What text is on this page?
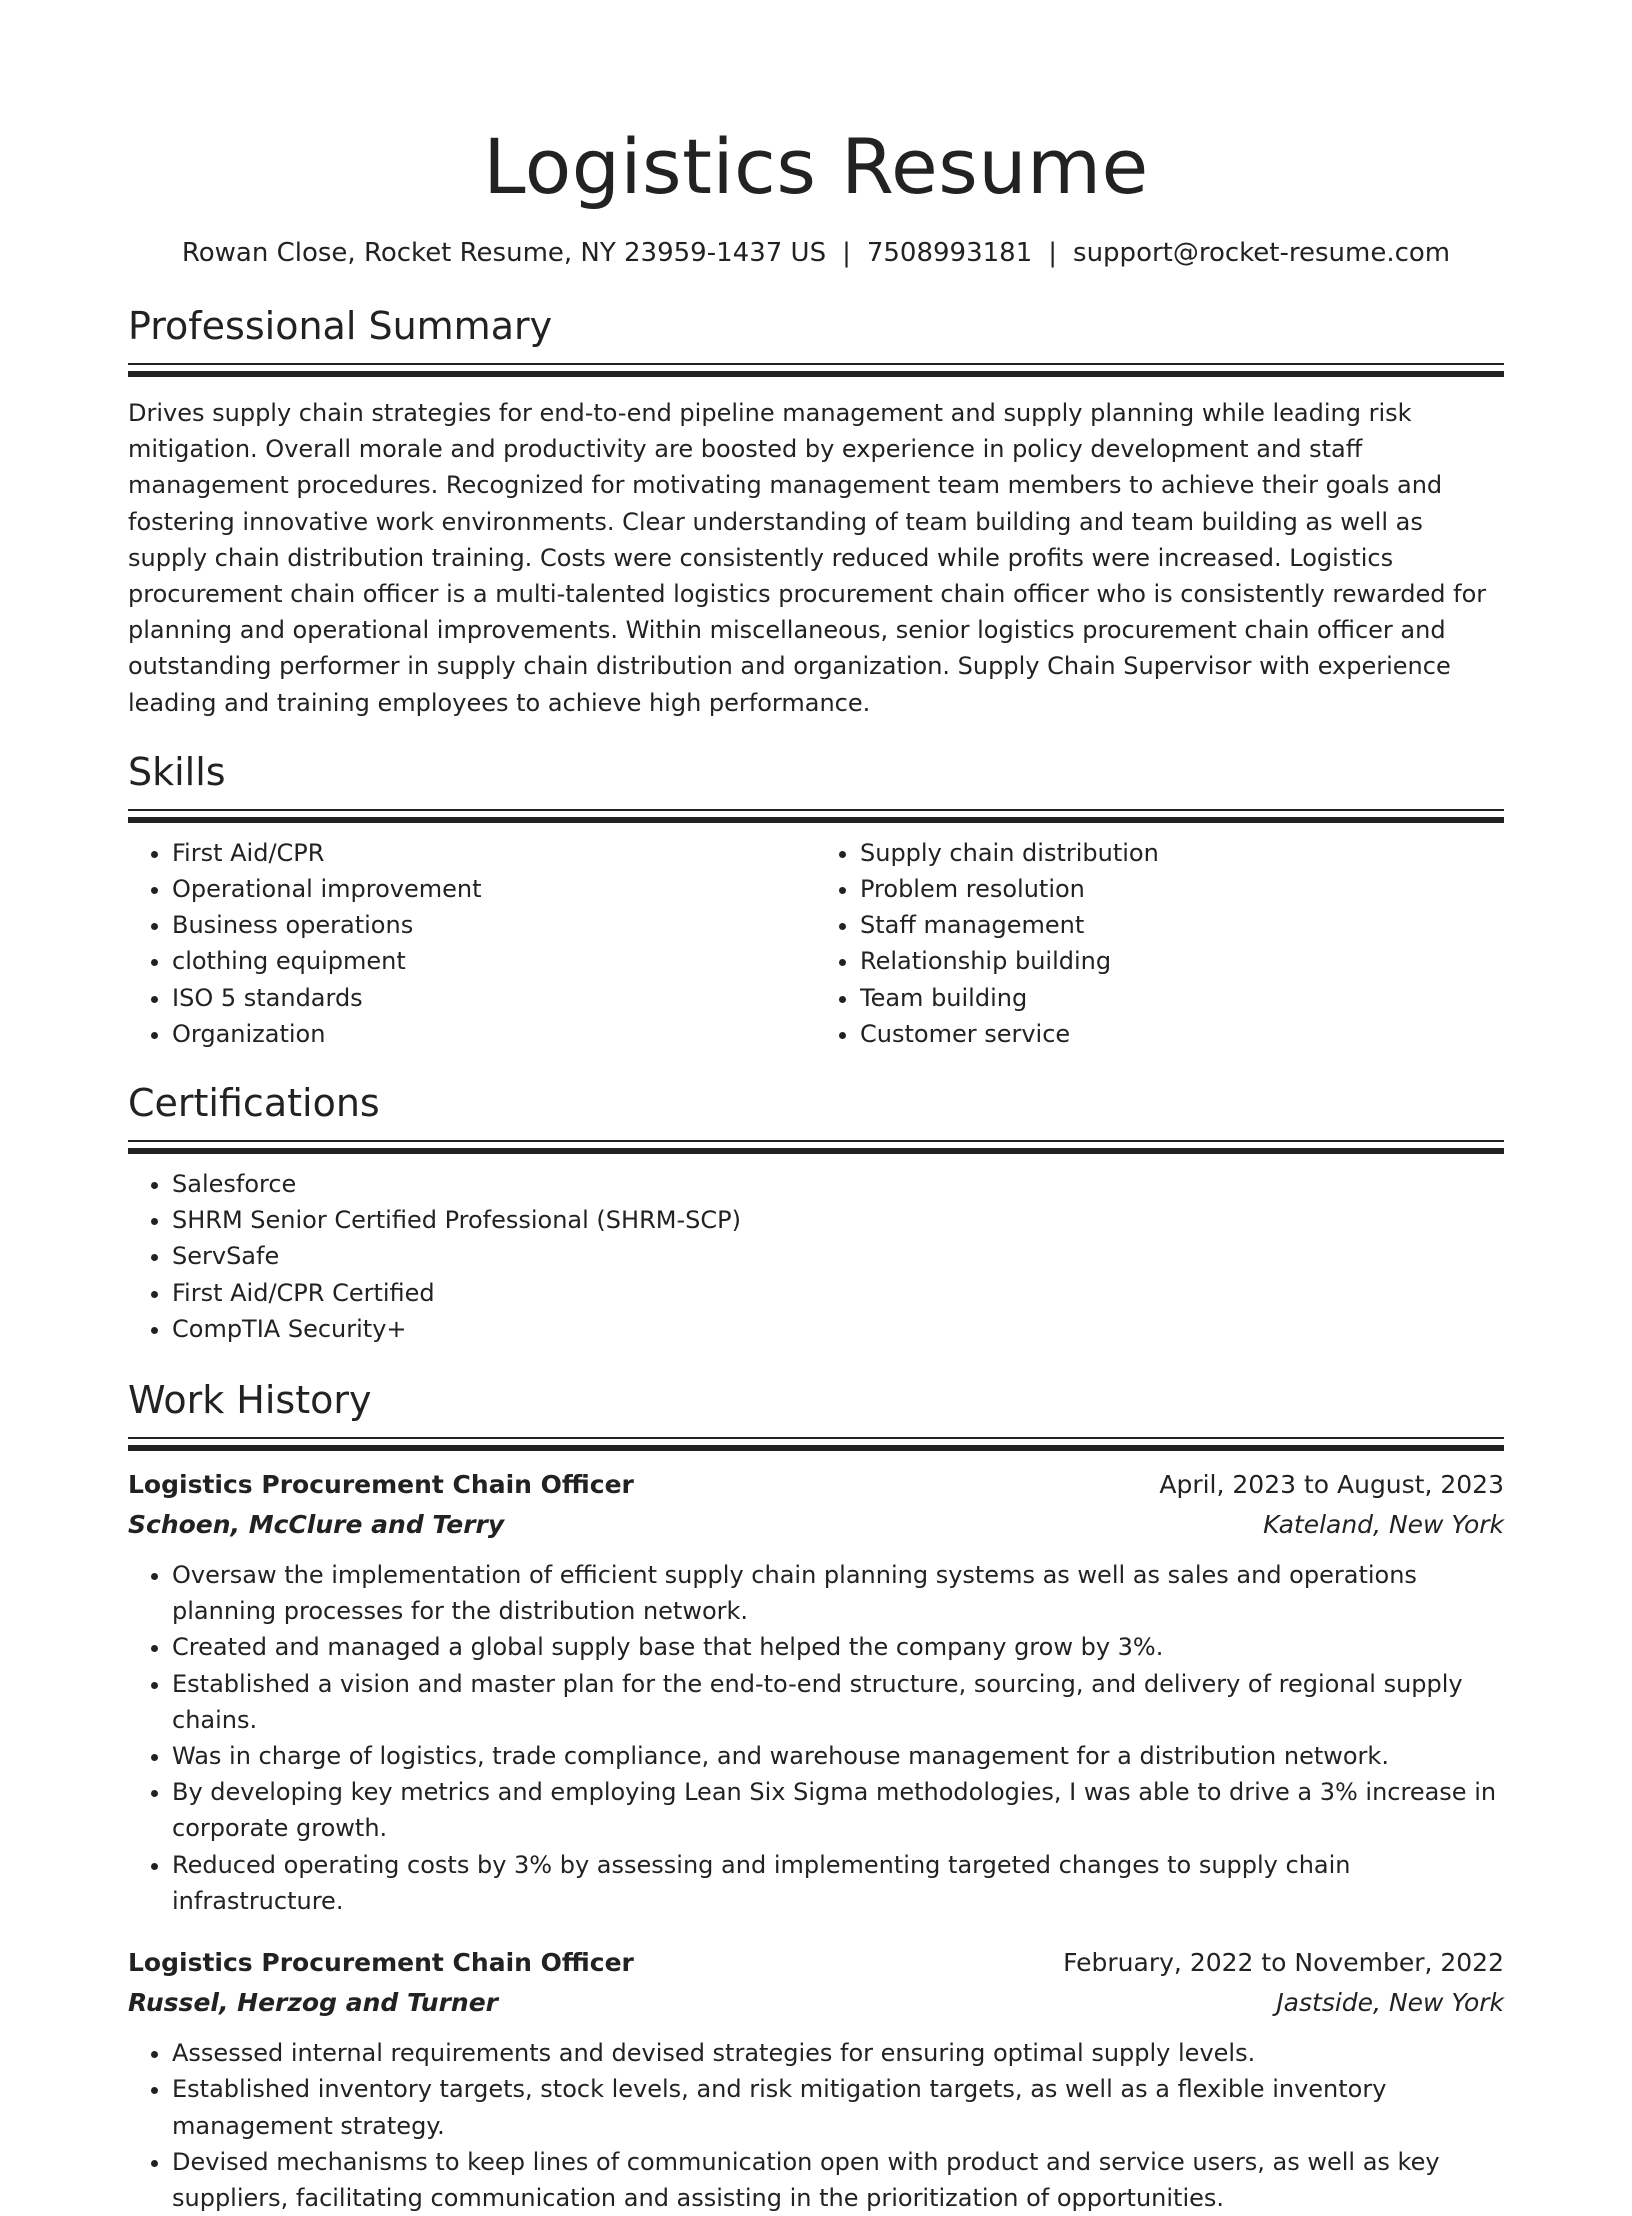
Logistics Resume
Rowan Close, Rocket Resume, NY 23959-1437 US | 7508993181 | support@rocket-resume.com
Professional Summary

Drives supply chain strategies for end-to-end pipeline management and supply planning while leading risk mitigation. Overall morale and productivity are boosted by experience in policy development and staff management procedures. Recognized for motivating management team members to achieve their goals and fostering innovative work environments. Clear understanding of team building and team building as well as supply chain distribution training. Costs were consistently reduced while profits were increased. Logistics procurement chain officer is a multi-talented logistics procurement chain officer who is consistently rewarded for planning and operational improvements. Within miscellaneous, senior logistics procurement chain officer and outstanding performer in supply chain distribution and organization. Supply Chain Supervisor with experience leading and training employees to achieve high performance.

Skills
• First Aid/CPR
• Operational improvement
• Business operations
• clothing equipment
• ISO 5 standards
• Organization
• Supply chain distribution
• Problem resolution
• Staff management
• Relationship building
• Team building
• Customer service
Certifications
• Salesforce
• SHRM Senior Certified Professional (SHRM-SCP)
• ServSafe
• First Aid/CPR Certified
• CompTIA Security+
Work History
Logistics Procurement Chain Officer	April, 2023 to August, 2023
Schoen, McClure and Terry	Kateland, New York
• Oversaw the implementation of efficient supply chain planning systems as well as sales and operations planning processes for the distribution network.
• Created and managed a global supply base that helped the company grow by 3%.
• Established a vision and master plan for the end-to-end structure, sourcing, and delivery of regional supply chains.
• Was in charge of logistics, trade compliance, and warehouse management for a distribution network.
• By developing key metrics and employing Lean Six Sigma methodologies, I was able to drive a 3% increase in corporate growth.
• Reduced operating costs by 3% by assessing and implementing targeted changes to supply chain infrastructure.
Logistics Procurement Chain Officer	February, 2022 to November, 2022
Russel, Herzog and Turner	Jastside, New York
• Assessed internal requirements and devised strategies for ensuring optimal supply levels.
• Established inventory targets, stock levels, and risk mitigation targets, as well as a flexible inventory management strategy.
• Devised mechanisms to keep lines of communication open with product and service users, as well as key suppliers, facilitating communication and assisting in the prioritization of opportunities.
